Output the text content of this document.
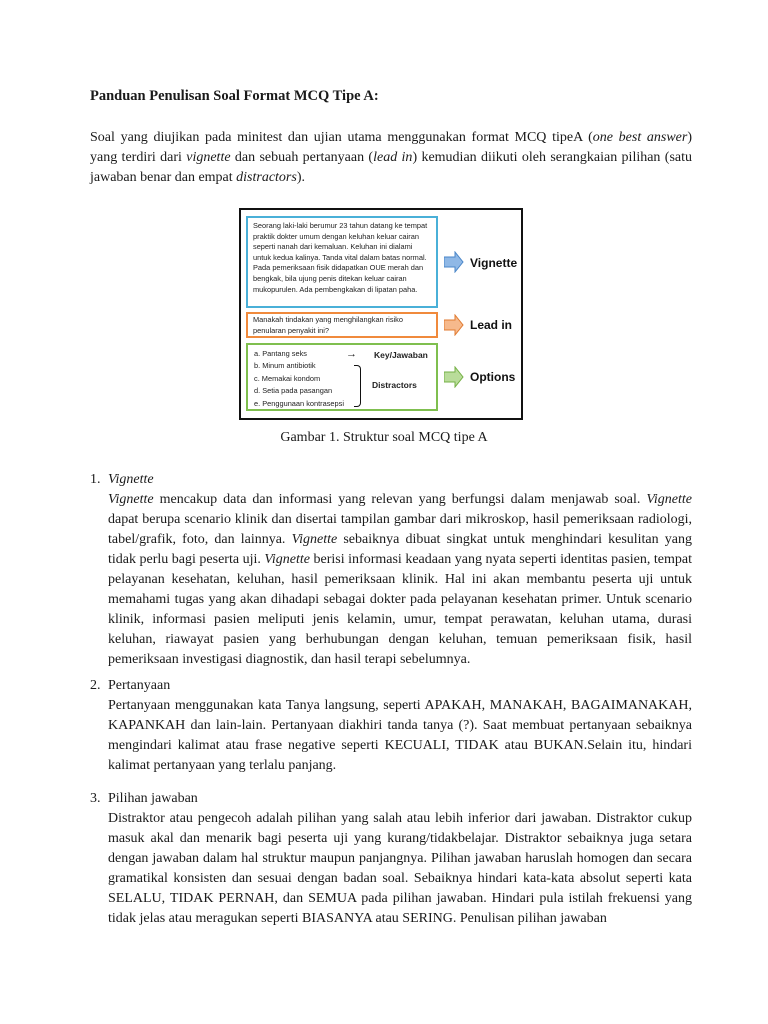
Panduan Penulisan Soal Format MCQ Tipe A:

Soal yang diujikan pada minitest dan ujian utama menggunakan format MCQ tipeA (one best answer) yang terdiri dari vignette dan sebuah pertanyaan (lead in) kemudian diikuti oleh serangkaian pilihan (satu jawaban benar dan empat distractors).

Seorang laki-laki berumur 23 tahun datang ke tempat praktik dokter umum dengan keluhan keluar cairan seperti nanah dari kemaluan. Keluhan ini dialami untuk kedua kalinya. Tanda vital dalam batas normal. Pada pemeriksaan fisik didapatkan OUE merah dan bengkak, bila ujung penis ditekan keluar cairan mukopurulen. Ada pembengkakan di lipatan paha.
Manakah tindakan yang menghilangkan risiko penularan penyakit ini?
a. Pantang seks
b. Minum antibiotik
c. Memakai kondom
d. Setia pada pasangan
e. Penggunaan kontrasepsi
→ Key/Jawaban
Distractors
Vignette
Lead in
Options
Gambar 1. Struktur soal MCQ tipe A
1. Vignette

Vignette mencakup data dan informasi yang relevan yang berfungsi dalam menjawab soal. Vignette dapat berupa scenario klinik dan disertai tampilan gambar dari mikroskop, hasil pemeriksaan radiologi, tabel/grafik, foto, dan lainnya. Vignette sebaiknya dibuat singkat untuk menghindari kesulitan yang tidak perlu bagi peserta uji. Vignette berisi informasi keadaan yang nyata seperti identitas pasien, tempat pelayanan kesehatan, keluhan, hasil pemeriksaan klinik. Hal ini akan membantu peserta uji untuk memahami tugas yang akan dihadapi sebagai dokter pada pelayanan kesehatan primer. Untuk scenario klinik, informasi pasien meliputi jenis kelamin, umur, tempat perawatan, keluhan utama, durasi keluhan, riawayat pasien yang berhubungan dengan keluhan, temuan pemeriksaan fisik, hasil pemeriksaan investigasi diagnostik, dan hasil terapi sebelumnya.

2. Pertanyaan

Pertanyaan menggunakan kata Tanya langsung, seperti APAKAH, MANAKAH, BAGAIMANAKAH, KAPANKAH dan lain-lain. Pertanyaan diakhiri tanda tanya (?). Saat membuat pertanyaan sebaiknya mengindari kalimat atau frase negative seperti KECUALI, TIDAK atau BUKAN.Selain itu, hindari kalimat pertanyaan yang terlalu panjang.

3. Pilihan jawaban

Distraktor atau pengecoh adalah pilihan yang salah atau lebih inferior dari jawaban. Distraktor cukup masuk akal dan menarik bagi peserta uji yang kurang/tidakbelajar. Distraktor sebaiknya juga setara dengan jawaban dalam hal struktur maupun panjangnya. Pilihan jawaban haruslah homogen dan secara gramatikal konsisten dan sesuai dengan badan soal. Sebaiknya hindari kata-kata absolut seperti kata SELALU, TIDAK PERNAH, dan SEMUA pada pilihan jawaban. Hindari pula istilah frekuensi yang tidak jelas atau meragukan seperti BIASANYA atau SERING. Penulisan pilihan jawaban
